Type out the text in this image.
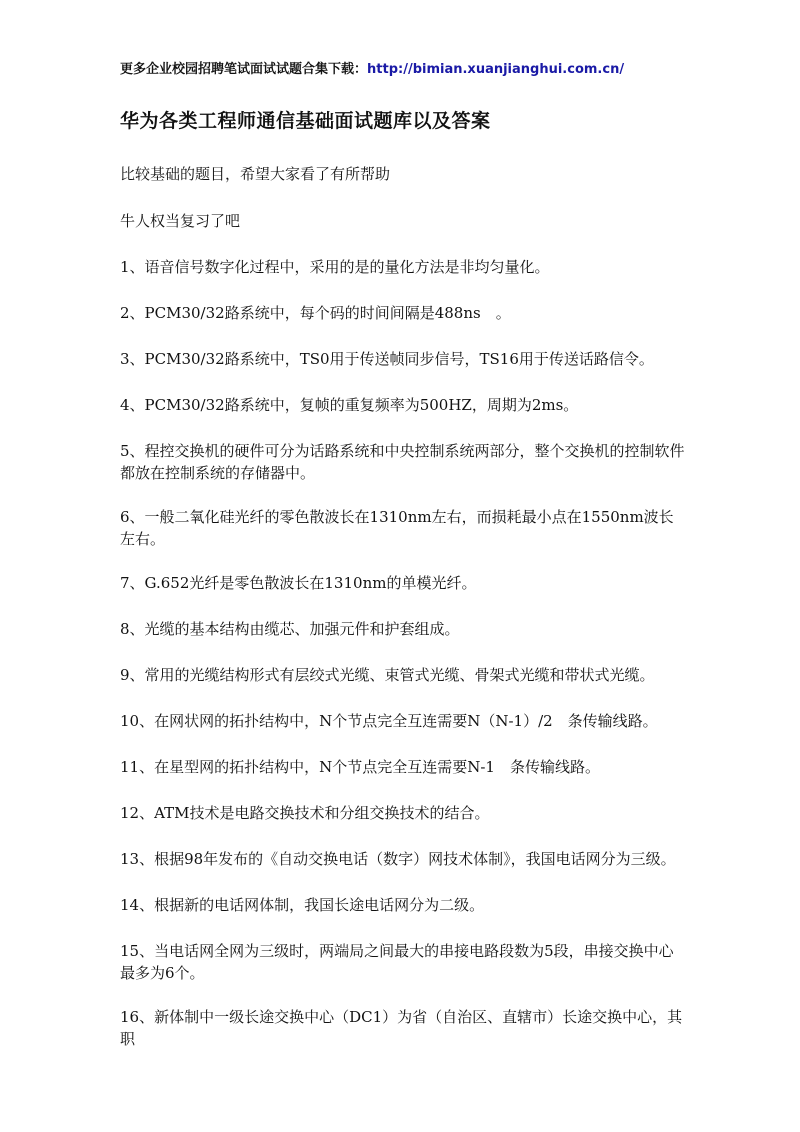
更多企业校园招聘笔试面试试题合集下载：http://bimian.xuanjianghui.com.cn/
华为各类工程师通信基础面试题库以及答案
比较基础的题目，希望大家看了有所帮助
牛人权当复习了吧
1、语音信号数字化过程中，采用的是的量化方法是非均匀量化。
2、PCM30/32路系统中，每个码的时间间隔是488ns　。
3、PCM30/32路系统中，TS0用于传送帧同步信号，TS16用于传送话路信令。
4、PCM30/32路系统中，复帧的重复频率为500HZ，周期为2ms。
5、程控交换机的硬件可分为话路系统和中央控制系统两部分，整个交换机的控制软件都放在控制系统的存储器中。
6、一般二氧化硅光纤的零色散波长在1310nm左右，而损耗最小点在1550nm波长左右。
7、G.652光纤是零色散波长在1310nm的单模光纤。
8、光缆的基本结构由缆芯、加强元件和护套组成。
9、常用的光缆结构形式有层绞式光缆、束管式光缆、骨架式光缆和带状式光缆。
10、在网状网的拓扑结构中，N个节点完全互连需要N（N-1）/2　条传输线路。
11、在星型网的拓扑结构中，N个节点完全互连需要N-1　条传输线路。
12、ATM技术是电路交换技术和分组交换技术的结合。
13、根据98年发布的《自动交换电话（数字）网技术体制》，我国电话网分为三级。
14、根据新的电话网体制，我国长途电话网分为二级。
15、当电话网全网为三级时，两端局之间最大的串接电路段数为5段，串接交换中心最多为6个。
16、新体制中一级长途交换中心（DC1）为省（自治区、直辖市）长途交换中心，其职
